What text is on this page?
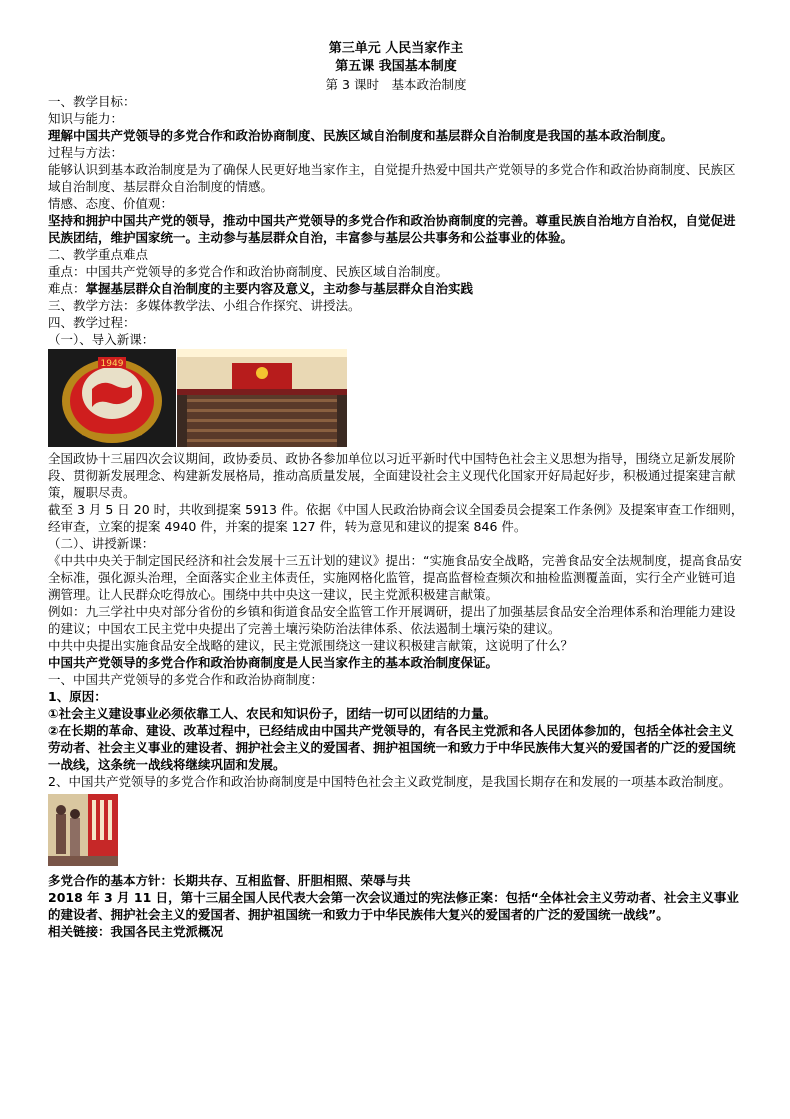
第三单元 人民当家作主
第五课 我国基本制度
第 3 课时　基本政治制度

一、教学目标：

知识与能力：

理解中国共产党领导的多党合作和政治协商制度、民族区域自治制度和基层群众自治制度是我国的基本政治制度。

过程与方法：

能够认识到基本政治制度是为了确保人民更好地当家作主，自觉提升热爱中国共产党领导的多党合作和政治协商制度、民族区域自治制度、基层群众自治制度的情感。

情感、态度、价值观：

坚持和拥护中国共产党的领导，推动中国共产党领导的多党合作和政治协商制度的完善。尊重民族自治地方自治权，自觉促进民族团结，维护国家统一。主动参与基层群众自治，丰富参与基层公共事务和公益事业的体验。

二、教学重点难点

重点：中国共产党领导的多党合作和政治协商制度、民族区域自治制度。

难点：掌握基层群众自治制度的主要内容及意义，主动参与基层群众自治实践

三、教学方法：多媒体教学法、小组合作探究、讲授法。

四、教学过程：

（一）、导入新课：

1949

全国政协十三届四次会议期间，政协委员、政协各参加单位以习近平新时代中国特色社会主义思想为指导，围绕立足新发展阶段、贯彻新发展理念、构建新发展格局，推动高质量发展，全面建设社会主义现代化国家开好局起好步，积极通过提案建言献策，履职尽责。

截至 3 月 5 日 20 时，共收到提案 5913 件。依据《中国人民政治协商会议全国委员会提案工作条例》及提案审查工作细则，经审查，立案的提案 4940 件，并案的提案 127 件，转为意见和建议的提案 846 件。

（二）、讲授新课：

《中共中央关于制定国民经济和社会发展十三五计划的建议》提出：“实施食品安全战略，完善食品安全法规制度，提高食品安全标准，强化源头治理，全面落实企业主体责任，实施网格化监管，提高监督检查频次和抽检监测覆盖面，实行全产业链可追溯管理。让人民群众吃得放心。围绕中共中央这一建议，民主党派积极建言献策。

例如：九三学社中央对部分省份的乡镇和街道食品安全监管工作开展调研，提出了加强基层食品安全治理体系和治理能力建设的建议；中国农工民主党中央提出了完善土壤污染防治法律体系、依法遏制土壤污染的建议。

中共中央提出实施食品安全战略的建议，民主党派围绕这一建议积极建言献策，这说明了什么？

中国共产党领导的多党合作和政治协商制度是人民当家作主的基本政治制度保证。

一、中国共产党领导的多党合作和政治协商制度：

1、原因：

①社会主义建设事业必须依靠工人、农民和知识份子，团结一切可以团结的力量。

②在长期的革命、建设、改革过程中，已经结成由中国共产党领导的，有各民主党派和各人民团体参加的，包括全体社会主义劳动者、社会主义事业的建设者、拥护社会主义的爱国者、拥护祖国统一和致力于中华民族伟大复兴的爱国者的广泛的爱国统一战线，这条统一战线将继续巩固和发展。

2、中国共产党领导的多党合作和政治协商制度是中国特色社会主义政党制度，是我国长期存在和发展的一项基本政治制度。

多党合作的基本方针：长期共存、互相监督、肝胆相照、荣辱与共

2018 年 3 月 11 日，第十三届全国人民代表大会第一次会议通过的宪法修正案：包括“全体社会主义劳动者、社会主义事业的建设者、拥护社会主义的爱国者、拥护祖国统一和致力于中华民族伟大复兴的爱国者的广泛的爱国统一战线”。

相关链接：我国各民主党派概况
